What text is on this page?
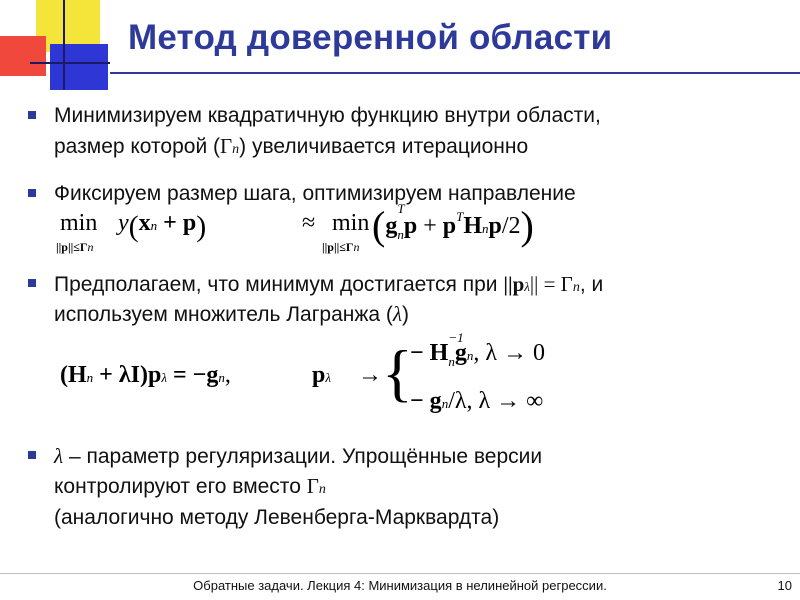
Метод доверенной области
Минимизируем квадратичную функцию внутри области,
размер которой (Γn) увеличивается итерационно
Фиксируем размер шага, оптимизируем направление
min
||p||≤Γn
y(xn + p)	≈ min
||p||≤Γn (g
T
$_np + p^THnp/2$)
Предполагаем, что минимум достигается при ||pλ|| = Γn, и
используем множитель Лагранжа (λ)
(Hn + λI)pλ = −gn,	pλ → {
− H
−1
$_n$gn, λ → 0
− gn/λ, λ → ∞
λ – параметр регуляризации. Упрощённые версии
контролируют его вместо Γn
(аналогично методу Левенберга-Марквардта)
Обратные задачи. Лекция 4: Минимизация в нелинейной регрессии.	10
